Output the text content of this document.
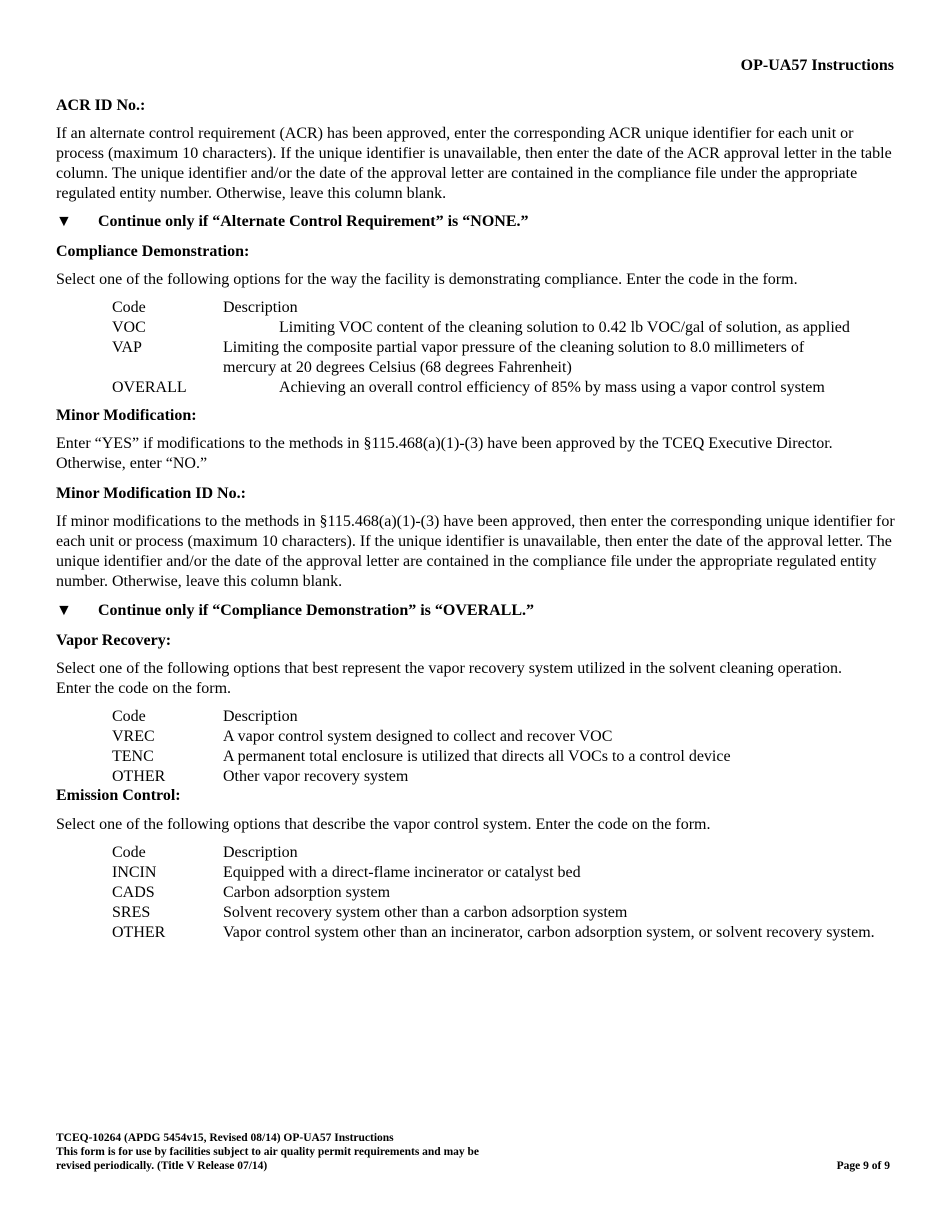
OP-UA57 Instructions
ACR ID No.:

If an alternate control requirement (ACR) has been approved, enter the corresponding ACR unique identifier for each unit or process (maximum 10 characters). If the unique identifier is unavailable, then enter the date of the ACR approval letter in the table column. The unique identifier and/or the date of the approval letter are contained in the compliance file under the appropriate regulated entity number. Otherwise, leave this column blank.

▼ Continue only if “Alternate Control Requirement” is “NONE.”
Compliance Demonstration:

Select one of the following options for the way the facility is demonstrating compliance. Enter the code in the form.

Code	Description
VOC	Limiting VOC content of the cleaning solution to 0.42 lb VOC/gal of solution, as applied
VAP	Limiting the composite partial vapor pressure of the cleaning solution to 8.0 millimeters of mercury at 20 degrees Celsius (68 degrees Fahrenheit)
OVERALL	Achieving an overall control efficiency of 85% by mass using a vapor control system
Minor Modification:

Enter “YES” if modifications to the methods in §115.468(a)(1)-(3) have been approved by the TCEQ Executive Director. Otherwise, enter “NO.”

Minor Modification ID No.:

If minor modifications to the methods in §115.468(a)(1)-(3) have been approved, then enter the corresponding unique identifier for each unit or process (maximum 10 characters). If the unique identifier is unavailable, then enter the date of the approval letter. The unique identifier and/or the date of the approval letter are contained in the compliance file under the appropriate regulated entity number. Otherwise, leave this column blank.

▼ Continue only if “Compliance Demonstration” is “OVERALL.”
Vapor Recovery:

Select one of the following options that best represent the vapor recovery system utilized in the solvent cleaning operation. Enter the code on the form.

Code	Description
VREC	A vapor control system designed to collect and recover VOC
TENC	A permanent total enclosure is utilized that directs all VOCs to a control device
OTHER	Other vapor recovery system
Emission Control:

Select one of the following options that describe the vapor control system. Enter the code on the form.

Code	Description
INCIN	Equipped with a direct-flame incinerator or catalyst bed
CADS	Carbon adsorption system
SRES	Solvent recovery system other than a carbon adsorption system
OTHER	Vapor control system other than an incinerator, carbon adsorption system, or solvent recovery system.
TCEQ-10264 (APDG 5454v15, Revised 08/14) OP-UA57 Instructions
This form is for use by facilities subject to air quality permit requirements and may be
revised periodically. (Title V Release 07/14)	Page 9 of 9
